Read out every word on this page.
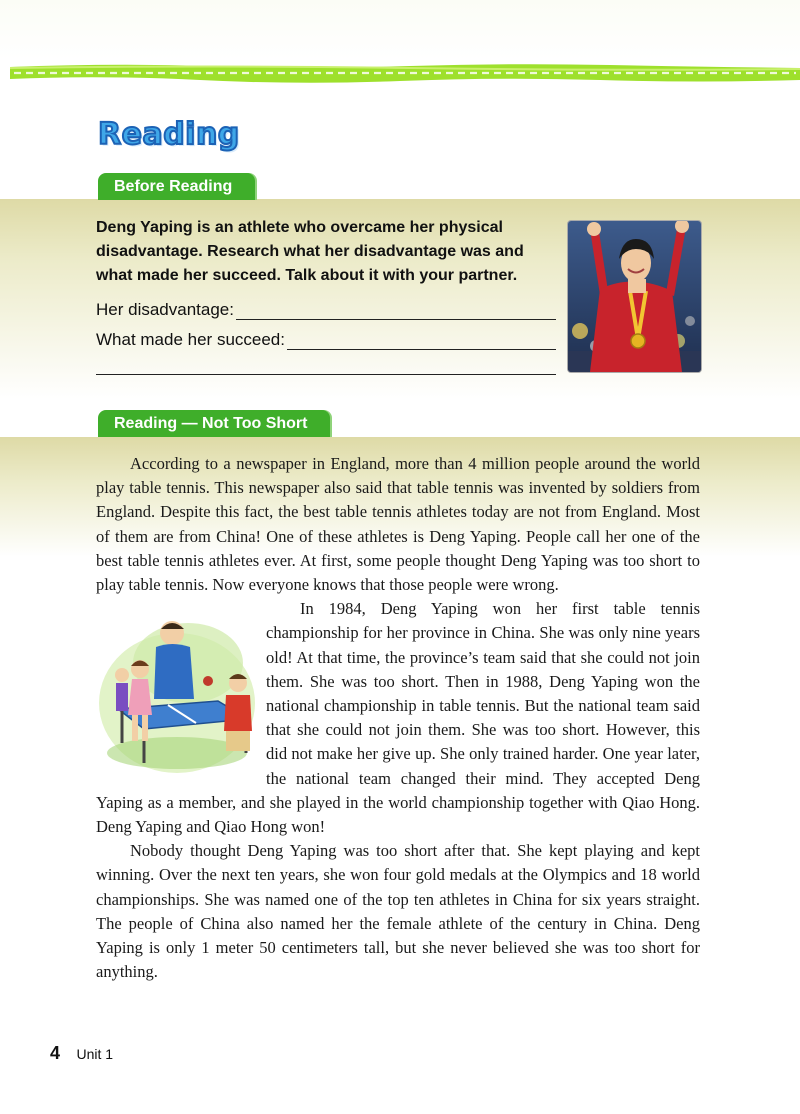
Reading
Before Reading
Deng Yaping is an athlete who overcame her physical disadvantage. Research what her disadvantage was and what made her succeed. Talk about it with your partner.
Her disadvantage:
What made her succeed:
Reading — Not Too Short

According to a newspaper in England, more than 4 million people around the world play table tennis. This newspaper also said that table tennis was invented by soldiers from England. Despite this fact, the best table tennis athletes today are not from England. Most of them are from China! One of these athletes is Deng Yaping. People call her one of the best table tennis athletes ever. At first, some people thought Deng Yaping was too short to play table tennis. Now everyone knows that those people were wrong.

In 1984, Deng Yaping won her first table tennis championship for her province in China. She was only nine years old! At that time, the province’s team said that she could not join them. She was too short. Then in 1988, Deng Yaping won the national championship in table tennis. But the national team said that she could not join them. She was too short. However, this did not make her give up. She only trained harder. One year later, the national team changed their mind. They accepted Deng Yaping as a member, and she played in the world championship together with Qiao Hong. Deng Yaping and Qiao Hong won!

Nobody thought Deng Yaping was too short after that. She kept playing and kept winning. Over the next ten years, she won four gold medals at the Olympics and 18 world championships. She was named one of the top ten athletes in China for six years straight. The people of China also named her the female athlete of the century in China. Deng Yaping is only 1 meter 50 centimeters tall, but she never believed she was too short for anything.

4 Unit 1
